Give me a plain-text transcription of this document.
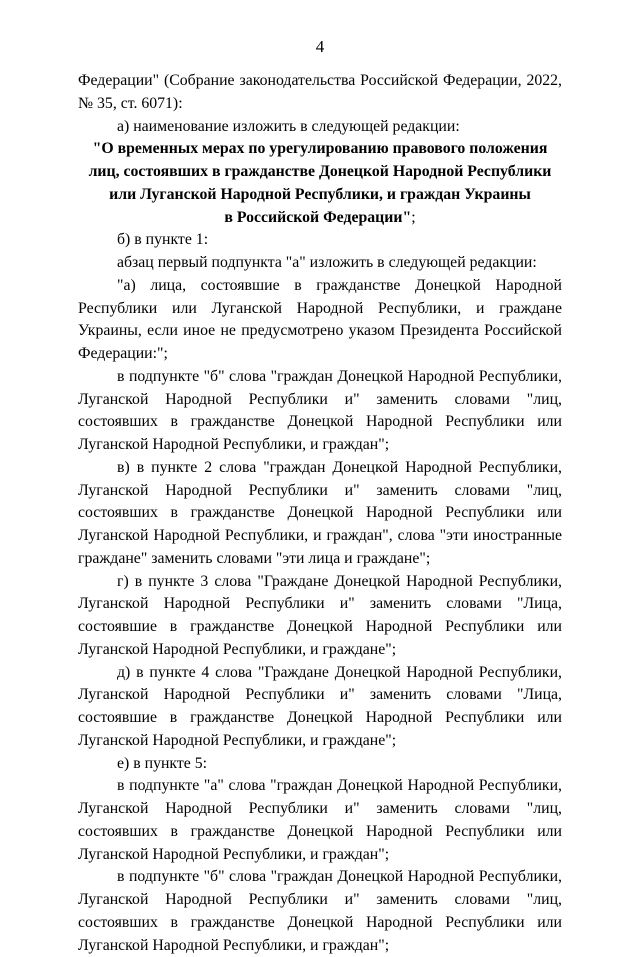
4

Федерации" (Собрание законодательства Российской Федерации, 2022, № 35, ст. 6071):

а) наименование изложить в следующей редакции:

"О временных мерах по урегулированию правового положения

лиц, состоявших в гражданстве Донецкой Народной Республики

или Луганской Народной Республики, и граждан Украины

в Российской Федерации";

б) в пункте 1:

абзац первый подпункта "а" изложить в следующей редакции:

"а) лица, состоявшие в гражданстве Донецкой Народной Республики или Луганской Народной Республики, и граждане Украины, если иное не предусмотрено указом Президента Российской Федерации:";

в подпункте "б" слова "граждан Донецкой Народной Республики, Луганской Народной Республики и" заменить словами "лиц, состоявших в гражданстве Донецкой Народной Республики или Луганской Народной Республики, и граждан";

в) в пункте 2 слова "граждан Донецкой Народной Республики, Луганской Народной Республики и" заменить словами "лиц, состоявших в гражданстве Донецкой Народной Республики или Луганской Народной Республики, и граждан", слова "эти иностранные граждане" заменить словами "эти лица и граждане";

г) в пункте 3 слова "Граждане Донецкой Народной Республики, Луганской Народной Республики и" заменить словами "Лица, состоявшие в гражданстве Донецкой Народной Республики или Луганской Народной Республики, и граждане";

д) в пункте 4 слова "Граждане Донецкой Народной Республики, Луганской Народной Республики и" заменить словами "Лица, состоявшие в гражданстве Донецкой Народной Республики или Луганской Народной Республики, и граждане";

е) в пункте 5:

в подпункте "а" слова "граждан Донецкой Народной Республики, Луганской Народной Республики и" заменить словами "лиц, состоявших в гражданстве Донецкой Народной Республики или Луганской Народной Республики, и граждан";

в подпункте "б" слова "граждан Донецкой Народной Республики, Луганской Народной Республики и" заменить словами "лиц, состоявших в гражданстве Донецкой Народной Республики или Луганской Народной Республики, и граждан";
